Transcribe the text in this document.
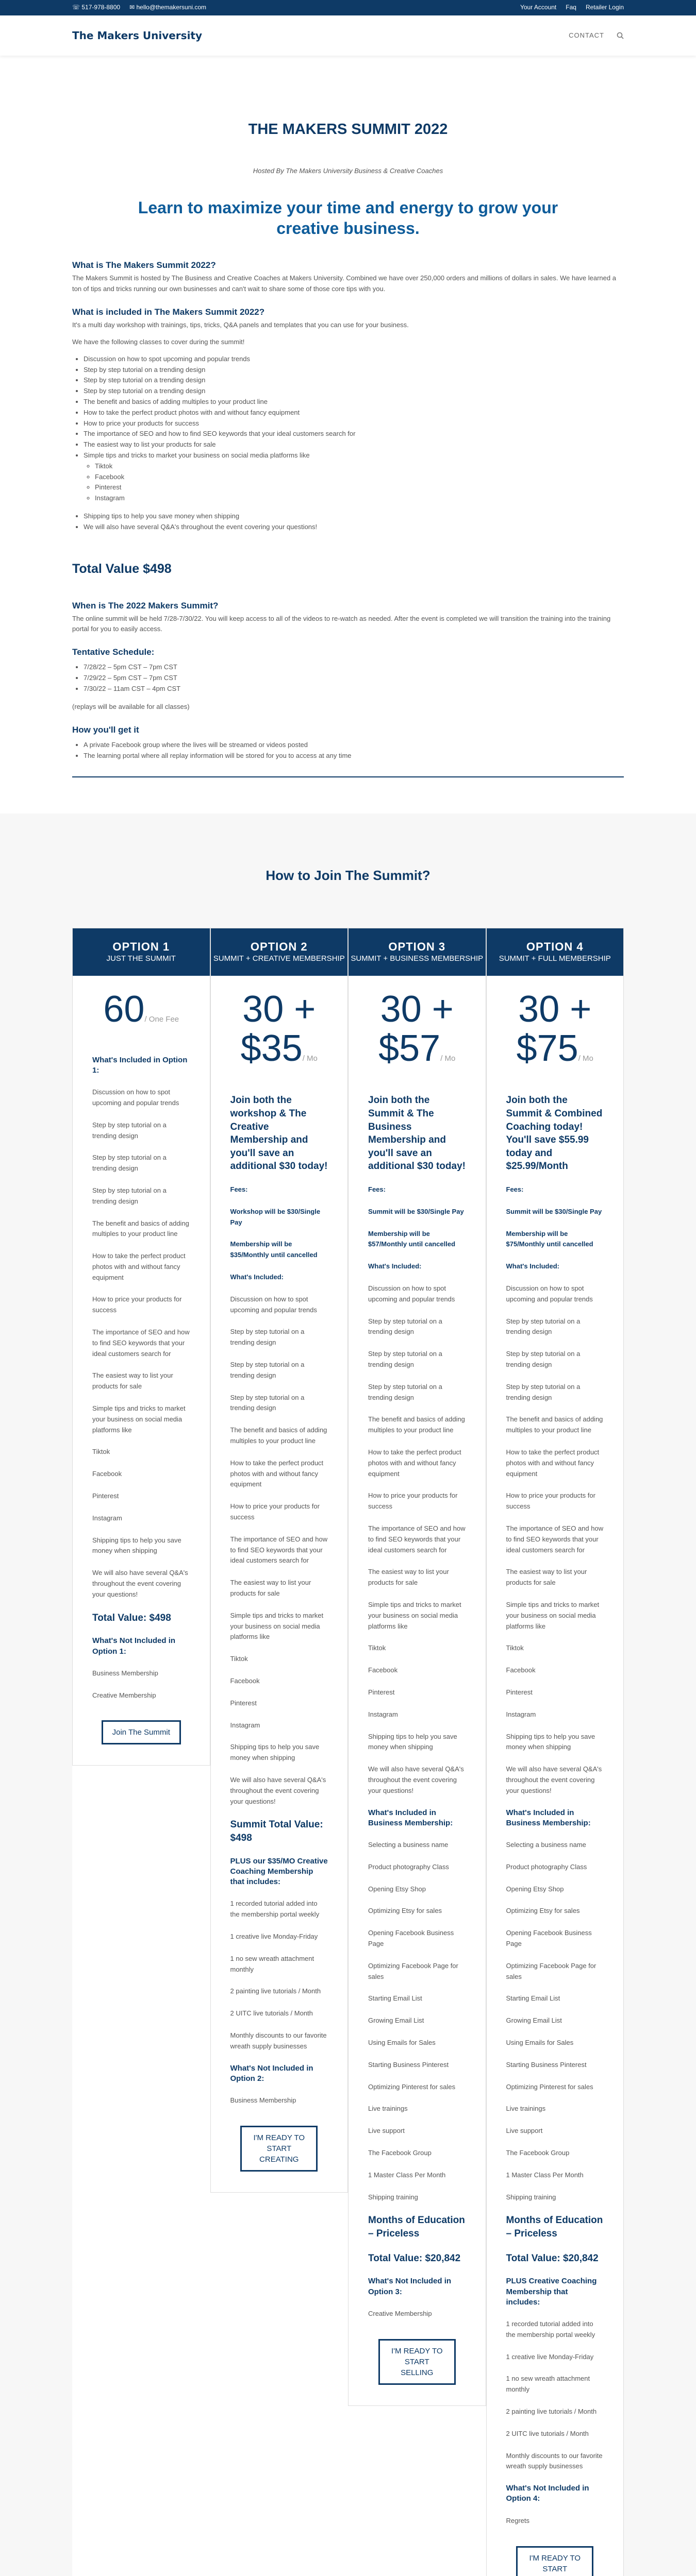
☏ 517-978-8800 ✉ hello@themakersuni.com	Your Account Faq Retailer Login
The Makers University	CONTACT
THE MAKERS SUMMIT 2022
Hosted By The Makers University Business & Creative Coaches
Learn to maximize your time and energy to grow your creative business.
What is The Makers Summit 2022?

The Makers Summit is hosted by The Business and Creative Coaches at Makers University. Combined we have over 250,000 orders and millions of dollars in sales. We have learned a ton of tips and tricks running our own businesses and can't wait to share some of those core tips with you.

What is included in The Makers Summit 2022?

It's a multi day workshop with trainings, tips, tricks, Q&A panels and templates that you can use for your business.

We have the following classes to cover during the summit!

• Discussion on how to spot upcoming and popular trends
• Step by step tutorial on a trending design
• Step by step tutorial on a trending design
• Step by step tutorial on a trending design
• The benefit and basics of adding multiples to your product line
• How to take the perfect product photos with and without fancy equipment
• How to price your products for success
• The importance of SEO and how to find SEO keywords that your ideal customers search for
• The easiest way to list your products for sale
• Simple tips and tricks to market your business on social media platforms like
◦ Tiktok
◦ Facebook
◦ Pinterest
◦ Instagram
• Shipping tips to help you save money when shipping
• We will also have several Q&A's throughout the event covering your questions!
Total Value $498
When is The 2022 Makers Summit?

The online summit will be held 7/28-7/30/22. You will keep access to all of the videos to re-watch as needed. After the event is completed we will transition the training into the training portal for you to easily access.

Tentative Schedule:
• 7/28/22 – 5pm CST – 7pm CST
• 7/29/22 – 5pm CST – 7pm CST
• 7/30/22 – 11am CST – 4pm CST

(replays will be available for all classes)

How you'll get it
• A private Facebook group where the lives will be streamed or videos posted
• The learning portal where all replay information will be stored for you to access at any time
How to Join The Summit?
OPTION 1
JUST THE SUMMIT
60/ One Fee

What's Included in Option 1:

Discussion on how to spot upcoming and popular trends

Step by step tutorial on a trending design

Step by step tutorial on a trending design

Step by step tutorial on a trending design

The benefit and basics of adding multiples to your product line

How to take the perfect product photos with and without fancy equipment

How to price your products for success

The importance of SEO and how to find SEO keywords that your ideal customers search for

The easiest way to list your products for sale

Simple tips and tricks to market your business on social media platforms like

Tiktok

Facebook

Pinterest

Instagram

Shipping tips to help you save money when shipping

We will also have several Q&A's throughout the event covering your questions!

Total Value: $498

What's Not Included in Option 1:

Business Membership

Creative Membership

Join The Summit
OPTION 2
SUMMIT + CREATIVE MEMBERSHIP
30 +
$35/ Mo

Join both the workshop & The Creative Membership and you'll save an additional $30 today!

Fees:

Workshop will be $30/Single Pay

Membership will be $35/Monthly until cancelled

What's Included:

Discussion on how to spot upcoming and popular trends

Step by step tutorial on a trending design

Step by step tutorial on a trending design

Step by step tutorial on a trending design

The benefit and basics of adding multiples to your product line

How to take the perfect product photos with and without fancy equipment

How to price your products for success

The importance of SEO and how to find SEO keywords that your ideal customers search for

The easiest way to list your products for sale

Simple tips and tricks to market your business on social media platforms like

Tiktok

Facebook

Pinterest

Instagram

Shipping tips to help you save money when shipping

We will also have several Q&A's throughout the event covering your questions!

Summit Total Value: $498

PLUS our $35/MO Creative Coaching Membership that includes:

1 recorded tutorial added into the membership portal weekly

1 creative live Monday-Friday

1 no sew wreath attachment monthly

2 painting live tutorials / Month

2 UITC live tutorials / Month

Monthly discounts to our favorite wreath supply businesses

What's Not Included in Option 2:

Business Membership

I'M READY TO START CREATING
OPTION 3
SUMMIT + BUSINESS MEMBERSHIP
30 +
$57/ Mo

Join both the Summit & The Business Membership and you'll save an additional $30 today!

Fees:

Summit will be $30/Single Pay

Membership will be $57/Monthly until cancelled

What's Included:

Discussion on how to spot upcoming and popular trends

Step by step tutorial on a trending design

Step by step tutorial on a trending design

Step by step tutorial on a trending design

The benefit and basics of adding multiples to your product line

How to take the perfect product photos with and without fancy equipment

How to price your products for success

The importance of SEO and how to find SEO keywords that your ideal customers search for

The easiest way to list your products for sale

Simple tips and tricks to market your business on social media platforms like

Tiktok

Facebook

Pinterest

Instagram

Shipping tips to help you save money when shipping

We will also have several Q&A's throughout the event covering your questions!

What's Included in Business Membership:

Selecting a business name

Product photography Class

Opening Etsy Shop

Optimizing Etsy for sales

Opening Facebook Business Page

Optimizing Facebook Page for sales

Starting Email List

Growing Email List

Using Emails for Sales

Starting Business Pinterest

Optimizing Pinterest for sales

Live trainings

Live support

The Facebook Group

1 Master Class Per Month

Shipping training

Months of Education – Priceless

Total Value: $20,842

What's Not Included in Option 3:

Creative Membership

I'M READY TO START SELLING
OPTION 4
SUMMIT + FULL MEMBERSHIP
30 +
$75/ Mo

Join both the Summit & Combined Coaching today! You'll save $55.99 today and $25.99/Month

Fees:

Summit will be $30/Single Pay

Membership will be $75/Monthly until cancelled

What's Included:

Discussion on how to spot upcoming and popular trends

Step by step tutorial on a trending design

Step by step tutorial on a trending design

Step by step tutorial on a trending design

The benefit and basics of adding multiples to your product line

How to take the perfect product photos with and without fancy equipment

How to price your products for success

The importance of SEO and how to find SEO keywords that your ideal customers search for

The easiest way to list your products for sale

Simple tips and tricks to market your business on social media platforms like

Tiktok

Facebook

Pinterest

Instagram

Shipping tips to help you save money when shipping

We will also have several Q&A's throughout the event covering your questions!

What's Included in Business Membership:

Selecting a business name

Product photography Class

Opening Etsy Shop

Optimizing Etsy for sales

Opening Facebook Business Page

Optimizing Facebook Page for sales

Starting Email List

Growing Email List

Using Emails for Sales

Starting Business Pinterest

Optimizing Pinterest for sales

Live trainings

Live support

The Facebook Group

1 Master Class Per Month

Shipping training

Months of Education – Priceless

Total Value: $20,842

PLUS Creative Coaching Membership that includes:

1 recorded tutorial added into the membership portal weekly

1 creative live Monday-Friday

1 no sew wreath attachment monthly

2 painting live tutorials / Month

2 UITC live tutorials / Month

Monthly discounts to our favorite wreath supply businesses

What's Not Included in Option 4:

Regrets

I'M READY TO START
